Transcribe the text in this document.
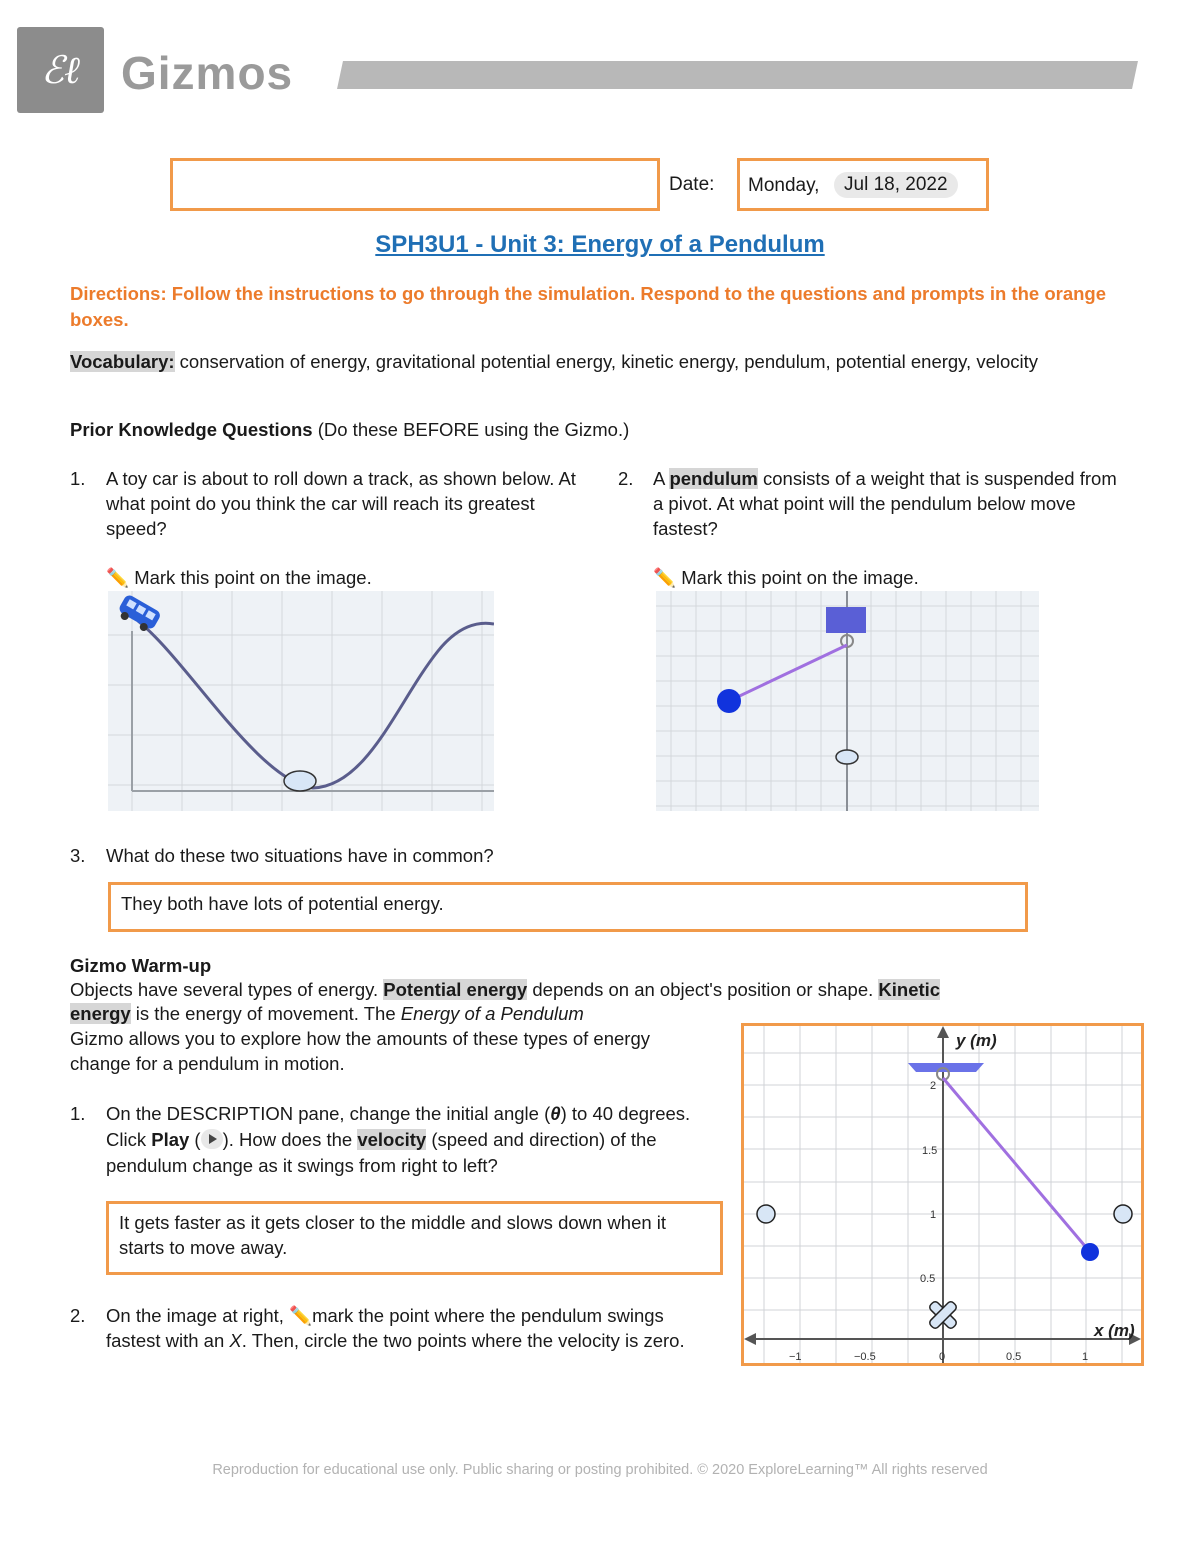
ℰℓ Gizmos
Date: Monday,	Jul 18, 2022
SPH3U1 - Unit 3: Energy of a Pendulum
Directions: Follow the instructions to go through the simulation. Respond to the questions and prompts in the orange boxes.
Vocabulary: conservation of energy, gravitational potential energy, kinetic energy, pendulum, potential energy, velocity
Prior Knowledge Questions (Do these BEFORE using the Gizmo.)
1. A toy car is about to roll down a track, as shown below. At what point do you think the car will reach its greatest speed?
✏️ Mark this point on the image.
2. A pendulum consists of a weight that is suspended from a pivot. At what point will the pendulum below move fastest?
✏️ Mark this point on the image.
3. What do these two situations have in common?
They both have lots of potential energy.
Gizmo Warm-up
Objects have several types of energy. Potential energy depends on an object's position or shape. Kinetic
energy is the energy of movement. The Energy of a Pendulum
Gizmo allows you to explore how the amounts of these types of energy change for a pendulum in motion.
1. On the DESCRIPTION pane, change the initial angle (θ) to 40 degrees. Click Play ( ). How does the velocity (speed and direction) of the pendulum change as it swings from right to left?
It gets faster as it gets closer to the middle and slows down when it starts to move away.
2. On the image at right, ✏️mark the point where the pendulum swings fastest with an X. Then, circle the two points where the velocity is zero.
y (m)
x (m)
2
1.5
1
0.5
−1	−0.5	0	0.5	1
Reproduction for educational use only. Public sharing or posting prohibited. © 2020 ExploreLearning™ All rights reserved
